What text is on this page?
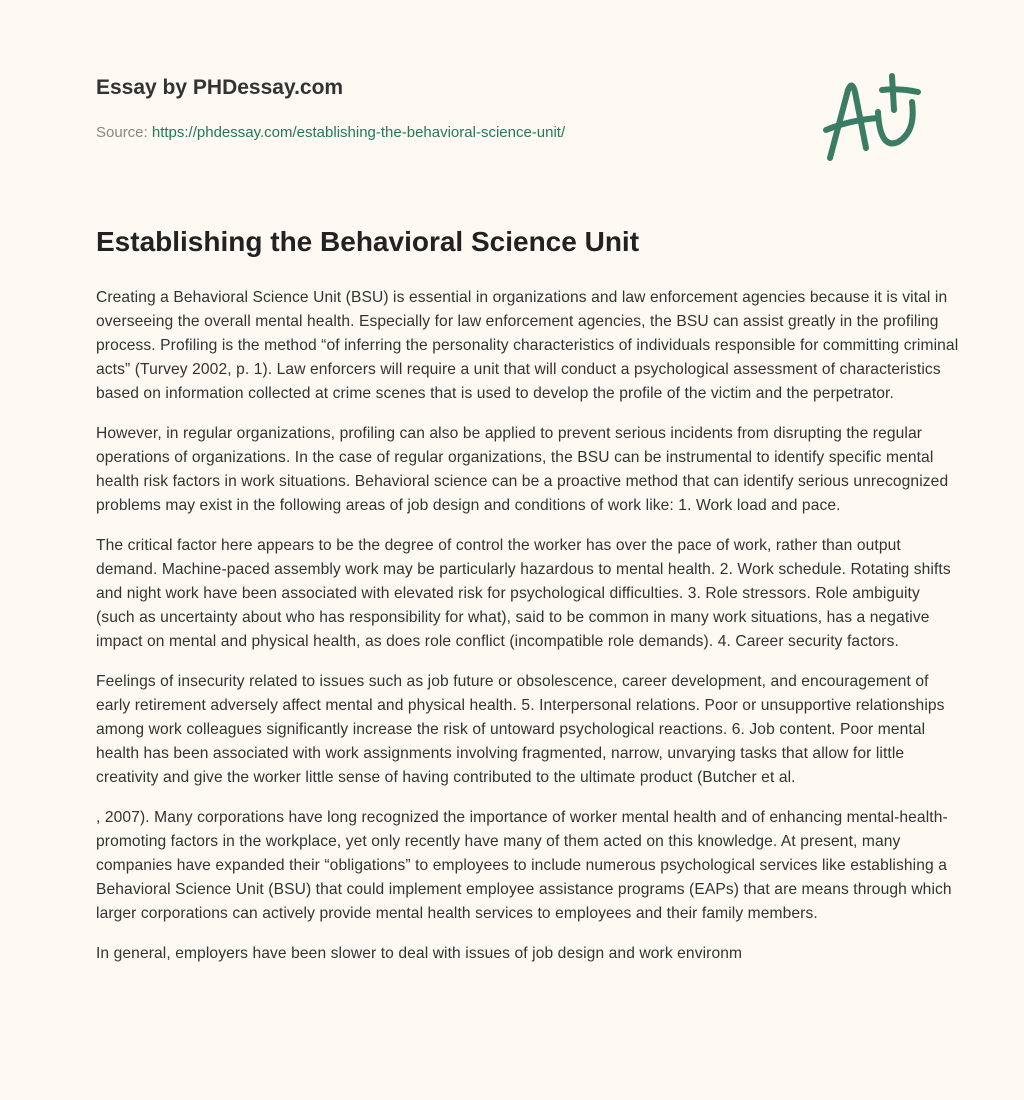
Essay by PHDessay.com
Source: https://phdessay.com/establishing-the-behavioral-science-unit/
Establishing the Behavioral Science Unit

Creating a Behavioral Science Unit (BSU) is essential in organizations and law enforcement agencies because it is vital in overseeing the overall mental health. Especially for law enforcement agencies, the BSU can assist greatly in the profiling process. Profiling is the method “of inferring the personality characteristics of individuals responsible for committing criminal acts” (Turvey 2002, p. 1). Law enforcers will require a unit that will conduct a psychological assessment of characteristics based on information collected at crime scenes that is used to develop the profile of the victim and the perpetrator.

However, in regular organizations, profiling can also be applied to prevent serious incidents from disrupting the regular operations of organizations. In the case of regular organizations, the BSU can be instrumental to identify specific mental health risk factors in work situations. Behavioral science can be a proactive method that can identify serious unrecognized problems may exist in the following areas of job design and conditions of work like: 1. Work load and pace.

The critical factor here appears to be the degree of control the worker has over the pace of work, rather than output demand. Machine-paced assembly work may be particularly hazardous to mental health. 2. Work schedule. Rotating shifts and night work have been associated with elevated risk for psychological difficulties. 3. Role stressors. Role ambiguity (such as uncertainty about who has responsibility for what), said to be common in many work situations, has a negative impact on mental and physical health, as does role conflict (incompatible role demands). 4. Career security factors.

Feelings of insecurity related to issues such as job future or obsolescence, career development, and encouragement of early retirement adversely affect mental and physical health. 5. Interpersonal relations. Poor or unsupportive relationships among work colleagues significantly increase the risk of untoward psychological reactions. 6. Job content. Poor mental health has been associated with work assignments involving fragmented, narrow, unvarying tasks that allow for little creativity and give the worker little sense of having contributed to the ultimate product (Butcher et al.

, 2007). Many corporations have long recognized the importance of worker mental health and of enhancing mental-health-promoting factors in the workplace, yet only recently have many of them acted on this knowledge. At present, many companies have expanded their “obligations” to employees to include numerous psychological services like establishing a Behavioral Science Unit (BSU) that could implement employee assistance programs (EAPs) that are means through which larger corporations can actively provide mental health services to employees and their family members.

In general, employers have been slower to deal with issues of job design and work environm
